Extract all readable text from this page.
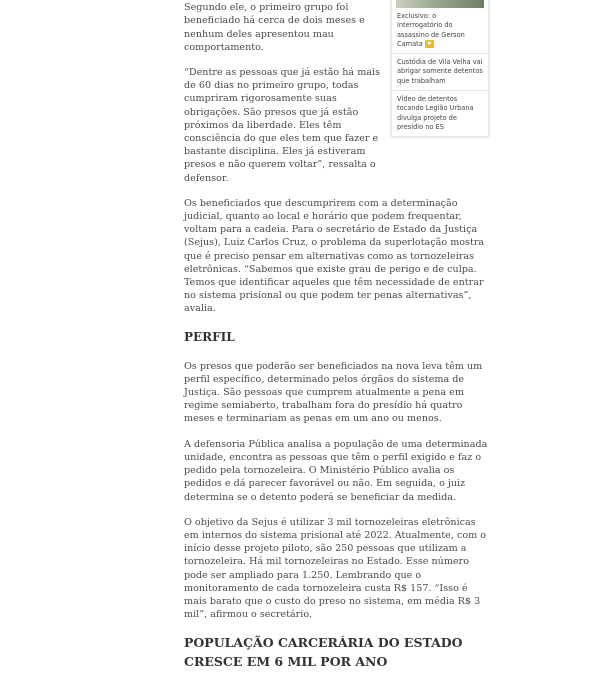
Segundo ele, o primeiro grupo foi beneficiado há cerca de dois meses e nenhum deles apresentou mau comportamento.

“Dentre as pessoas que já estão há mais de 60 dias no primeiro grupo, todas cumpriram rigorosamente suas obrigações. São presos que já estão próximos da liberdade. Eles têm consciência do que eles tem que fazer e bastante disciplina. Eles já estiveram presos e não querem voltar”, ressalta o defensor.

Os beneficiados que descumprirem com a determinação judicial, quanto ao local e horário que podem frequentar, voltam para a cadeia. Para o secretário de Estado da Justiça (Sejus), Luiz Carlos Cruz, o problema da superlotação mostra que é preciso pensar em alternativas como as tornozeleiras eletrônicas. “Sabemos que existe grau de perigo e de culpa. Temos que identificar aqueles que têm necessidade de entrar no sistema prisional ou que podem ter penas alternativas”, avalia.

PERFIL

Os presos que poderão ser beneficiados na nova leva têm um perfil específico, determinado pelos órgãos do sistema de Justiça. São pessoas que cumprem atualmente a pena em regime semiaberto, trabalham fora do presídio há quatro meses e terminariam as penas em um ano ou menos.

A defensoria Pública analisa a população de uma determinada unidade, encontra as pessoas que têm o perfil exigido e faz o pedido pela tornozeleira. O Ministério Público avalia os pedidos e dá parecer favorável ou não. Em seguida, o juiz determina se o detento poderá se beneficiar da medida.

O objetivo da Sejus é utilizar 3 mil tornozeleiras eletrônicas em internos do sistema prisional até 2022. Atualmente, com o início desse projeto piloto, são 250 pessoas que utilizam a tornozeleira. Há mil tornozeleiras no Estado. Esse número pode ser ampliado para 1.250. Lembrando que o monitoramento de cada tornozeleira custa R$ 157. “Isso é mais barato que o custo do preso no sistema, em média R$ 3 mil”, afirmou o secretário.

POPULAÇÃO CARCERÁRIA DO ESTADO CRESCE EM 6 MIL POR ANO
Exclusivo: o interrogatório do assassino de Gerson Camata
Custódia de Vila Velha vai abrigar somente detentos que trabalham
Vídeo de detentos tocando Legião Urbana divulga projeto de presídio no ES
